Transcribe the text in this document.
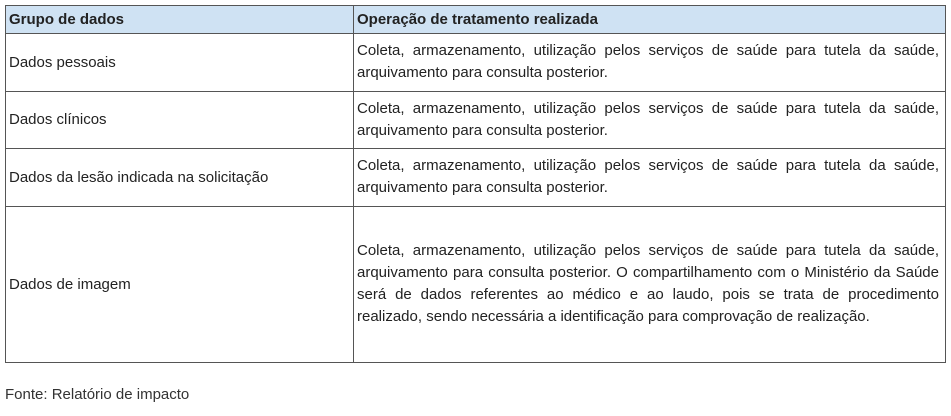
Grupo de dados	Operação de tratamento realizada
Dados pessoais	Coleta, armazenamento, utilização pelos serviços de saúde para tutela da saúde, arquivamento para consulta posterior.
Dados clínicos	Coleta, armazenamento, utilização pelos serviços de saúde para tutela da saúde, arquivamento para consulta posterior.
Dados da lesão indicada na solicitação	Coleta, armazenamento, utilização pelos serviços de saúde para tutela da saúde, arquivamento para consulta posterior.
Dados de imagem	Coleta, armazenamento, utilização pelos serviços de saúde para tutela da saúde, arquivamento para consulta posterior. O compartilhamento com o Ministério da Saúde será de dados referentes ao médico e ao laudo, pois se trata de procedimento realizado, sendo necessária a identificação para comprovação de realização.
Fonte: Relatório de impacto
